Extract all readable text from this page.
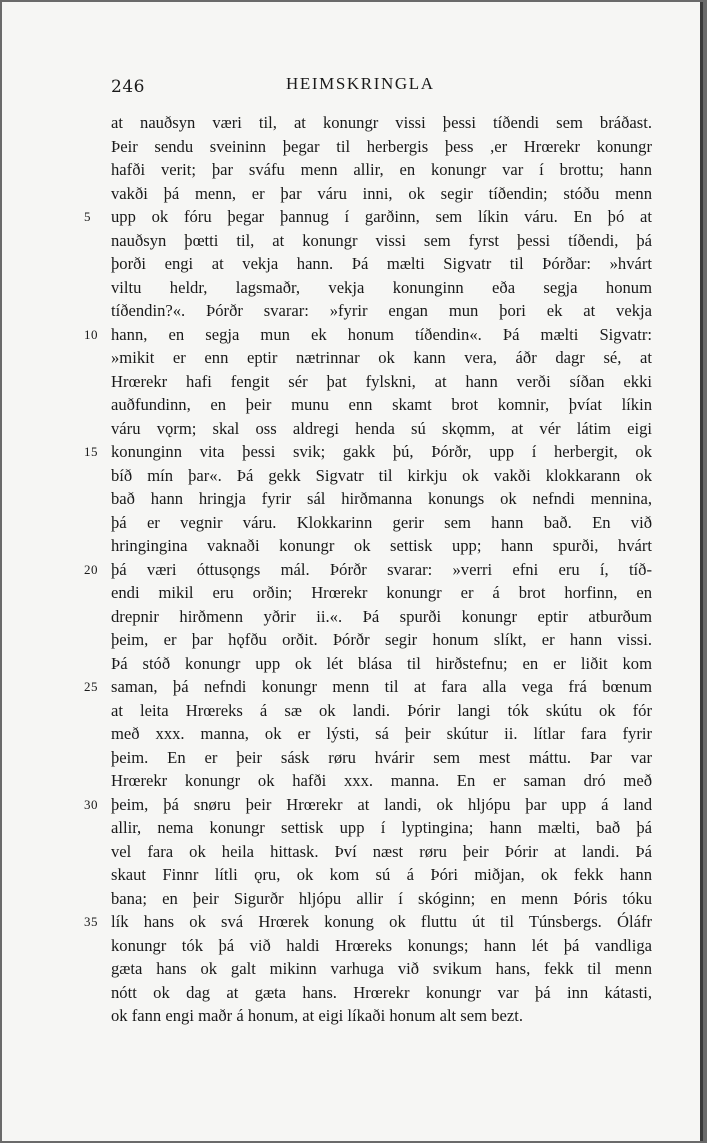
246	HEIMSKRINGLA
at nauðsyn væri til, at konungr vissi þessi tíðendi sem bráðast.
Þeir sendu sveininn þegar til herbergis þess ,er Hrœrekr konungr
hafði verit; þar sváfu menn allir, en konungr var í brottu; hann
vakði þá menn, er þar váru inni, ok segir tíðendin; stóðu menn
5 upp ok fóru þegar þannug í garðinn, sem líkin váru. En þó at
nauðsyn þœtti til, at konungr vissi sem fyrst þessi tíðendi, þá
þorði engi at vekja hann. Þá mælti Sigvatr til Þórðar: »hvárt
viltu heldr, lagsmaðr, vekja konunginn eða segja honum
tíðendin?«. Þórðr svarar: »fyrir engan mun þori ek at vekja
10 hann, en segja mun ek honum tíðendin«. Þá mælti Sigvatr:
»mikit er enn eptir nætrinnar ok kann vera, áðr dagr sé, at
Hrœrekr hafi fengit sér þat fylskni, at hann verði síðan ekki
auðfundinn, en þeir munu enn skamt brot komnir, þvíat líkin
váru vǫrm; skal oss aldregi henda sú skǫmm, at vér látim eigi
15 konunginn vita þessi svik; gakk þú, Þórðr, upp í herbergit, ok
bíð mín þar«. Þá gekk Sigvatr til kirkju ok vakði klokkarann ok
bað hann hringja fyrir sál hirðmanna konungs ok nefndi mennina,
þá er vegnir váru. Klokkarinn gerir sem hann bað. En við
hringingina vaknaði konungr ok settisk upp; hann spurði, hvárt
20 þá væri óttusǫngs mál. Þórðr svarar: »verri efni eru í, tíð-
endi mikil eru orðin; Hrœrekr konungr er á brot horfinn, en
drepnir hirðmenn yðrir ii.«. Þá spurði konungr eptir atburðum
þeim, er þar hǫfðu orðit. Þórðr segir honum slíkt, er hann vissi.
Þá stóð konungr upp ok lét blása til hirðstefnu; en er liðit kom
25 saman, þá nefndi konungr menn til at fara alla vega frá bœnum
at leita Hrœreks á sæ ok landi. Þórir langi tók skútu ok fór
með xxx. manna, ok er lýsti, sá þeir skútur ii. lítlar fara fyrir
þeim. En er þeir sásk røru hvárir sem mest máttu. Þar var
Hrœrekr konungr ok hafði xxx. manna. En er saman dró með
30 þeim, þá snøru þeir Hrœrekr at landi, ok hljópu þar upp á land
allir, nema konungr settisk upp í lyptingina; hann mælti, bað þá
vel fara ok heila hittask. Því næst røru þeir Þórir at landi. Þá
skaut Finnr lítli ǫru, ok kom sú á Þóri miðjan, ok fekk hann
bana; en þeir Sigurðr hljópu allir í skóginn; en menn Þóris tóku
35 lík hans ok svá Hrœrek konung ok fluttu út til Túnsbergs. Óláfr
konungr tók þá við haldi Hrœreks konungs; hann lét þá vandliga
gæta hans ok galt mikinn varhuga við svikum hans, fekk til menn
nótt ok dag at gæta hans. Hrœrekr konungr var þá inn kátasti,
ok fann engi maðr á honum, at eigi líkaði honum alt sem bezt.
